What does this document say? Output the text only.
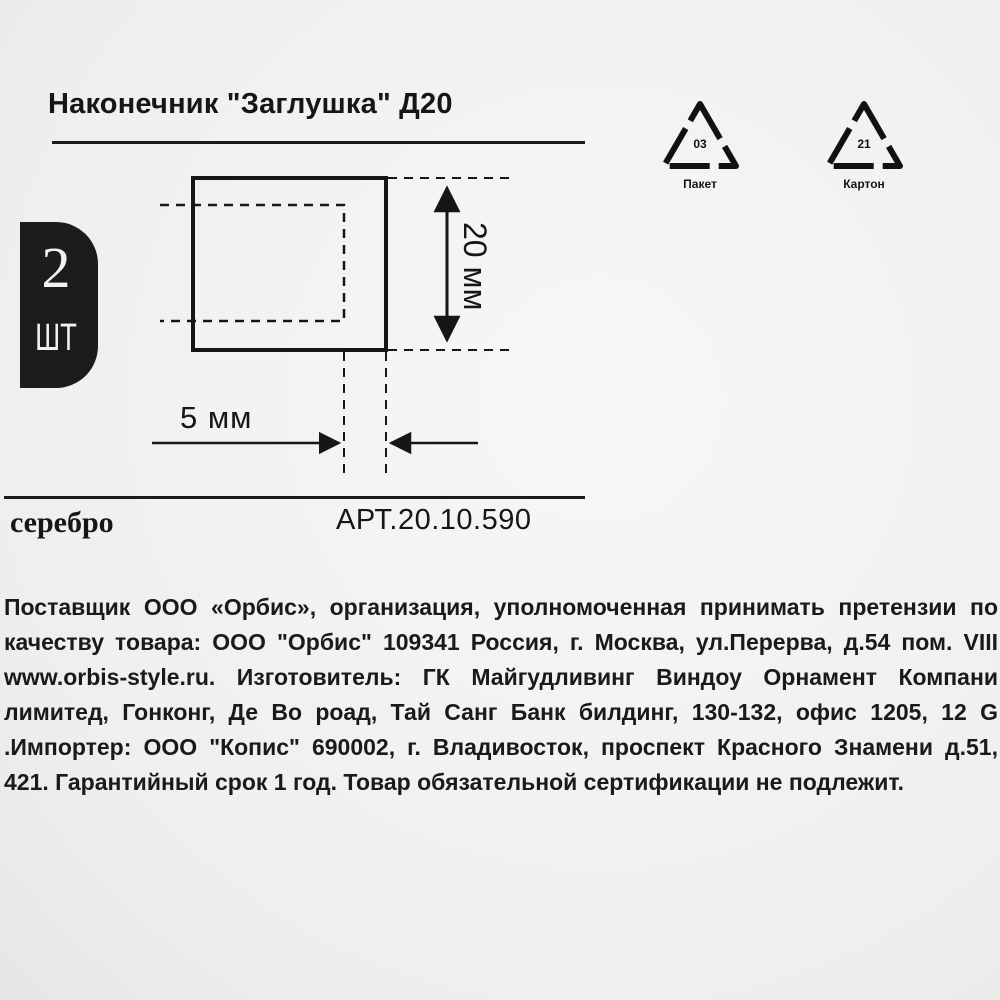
Наконечник "Заглушка" Д20
2
ШТ
20 мм
5 мм
03
Пакет
21
Картон
серебро	АРТ.20.10.590
Поставщик ООО «Орбис», организация, уполномоченная принимать претензии по качеству товара: ООО "Орбис" 109341 Россия, г. Москва, ул.Перерва, д.54 пом. VIII www.orbis-style.ru. Изготовитель: ГК Майгудливинг Виндоу Орнамент Компани лимитед, Гонконг, Де Во роад, Тай Санг Банк билдинг, 130-132, офис 1205, 12 G .Импортер: ООО "Копис" 690002, г. Владивосток, проспект Красного Знамени д.51, 421. Гарантийный срок 1 год. Товар обязательной сертификации не подлежит.
